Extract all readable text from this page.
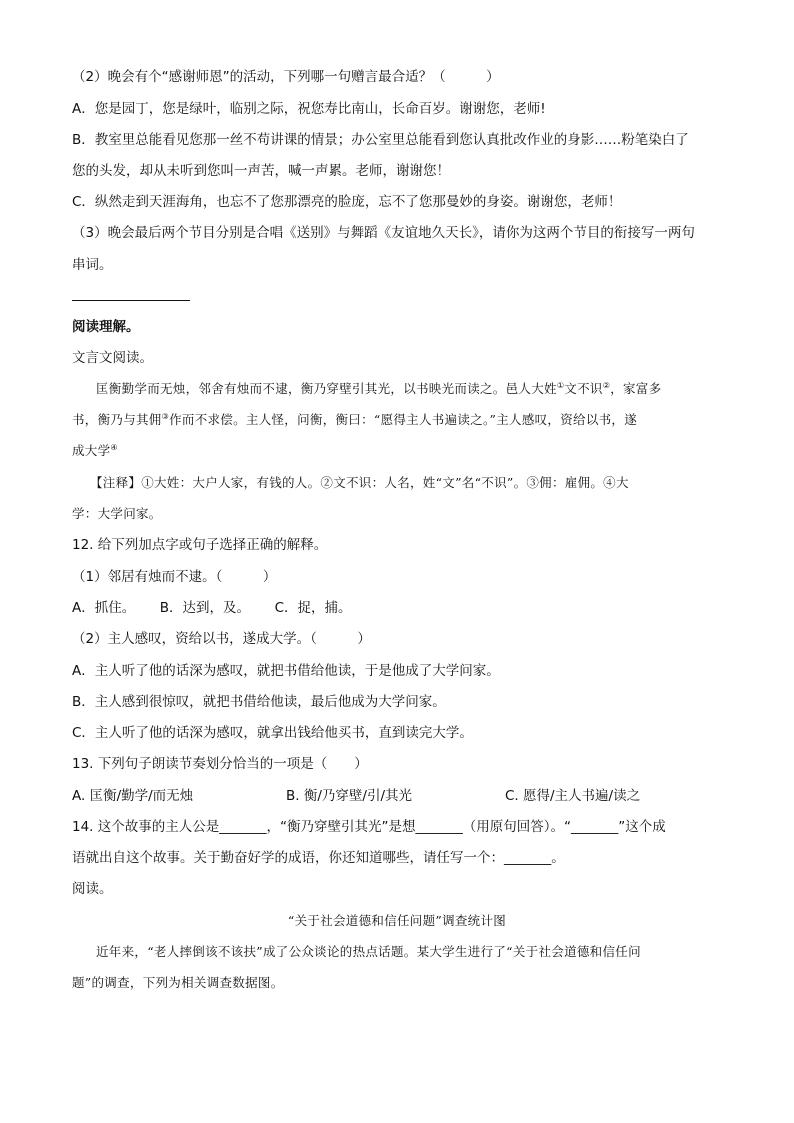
（2）晚会有个“感谢师恩”的活动，下列哪一句赠言最合适？（　　　）
A．您是园丁，您是绿叶，临别之际，祝您寿比南山，长命百岁。谢谢您，老师!
B．教室里总能看见您那一丝不苟讲课的情景；办公室里总能看到您认真批改作业的身影……粉笔染白了
您的头发，却从未听到您叫一声苦，喊一声累。老师，谢谢您！
C．纵然走到天涯海角，也忘不了您那漂亮的脸庞，忘不了您那曼妙的身姿。谢谢您，老师！
（3）晚会最后两个节目分别是合唱《送别》与舞蹈《友谊地久天长》，请你为这两个节目的衔接写一两句
串词。
阅读理解。
文言文阅读。
匡衡勤学而无烛，邻舍有烛而不逮，衡乃穿壁引其光，以书映光而读之。邑人大姓①文不识②，家富多
书，衡乃与其佣③作而不求偿。主人怪，问衡，衡曰：“愿得主人书遍读之。”主人感叹，资给以书，遂
成大学④
【注释】①大姓：大户人家，有钱的人。②文不识：人名，姓“文”名“不识”。③佣：雇佣。④大
学：大学问家。
12. 给下列加点字或句子选择正确的解释。
（1）邻居有烛而不逮。（　　　）
A．抓住。　　 B．达到，及。　　 C．捉，捕。
（2）主人感叹，资给以书，遂成大学。（　　　）
A．主人听了他的话深为感叹，就把书借给他读，于是他成了大学问家。
B．主人感到很惊叹，就把书借给他读，最后他成为大学问家。
C．主人听了他的话深为感叹，就拿出钱给他买书，直到读完大学。
13. 下列句子朗读节奏划分恰当的一项是（　　）
A. 匡衡/勤学/而无烛	B. 衡/乃穿壁/引/其光	C. 愿得/主人书遍/读之
14. 这个故事的主人公是_______，“衡乃穿壁引其光”是想_______（用原句回答）。“_______”这个成
语就出自这个故事。关于勤奋好学的成语，你还知道哪些，请任写一个：_______。
阅读。
“关于社会道德和信任问题”调查统计图
近年来，“老人摔倒该不该扶”成了公众谈论的热点话题。某大学生进行了“关于社会道德和信任问
题”的调查，下列为相关调查数据图。
